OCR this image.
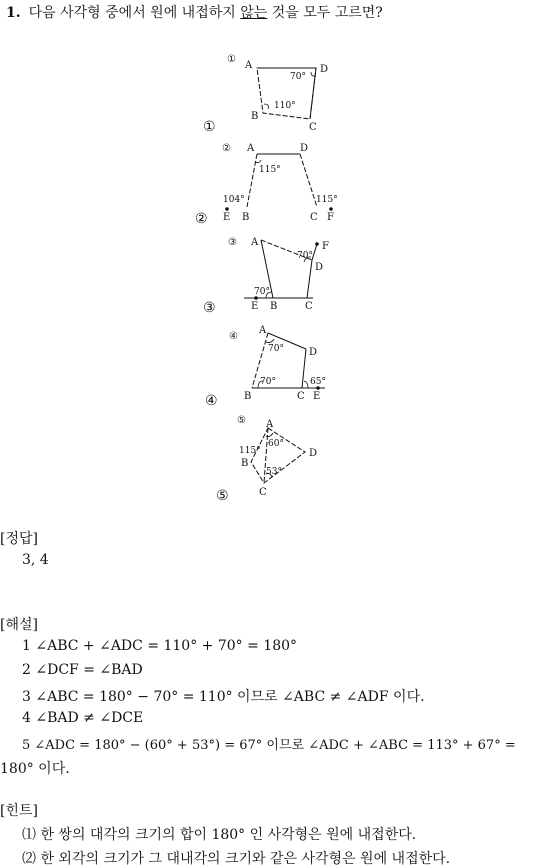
1. 다음 사각형 중에서 원에 내접하지 않는 것을 모두 고르면?
①
A	D
B
C
70°
110°
①
② A	D
115°
104°	115°
E B	C F
②
③ A	F
D
70°
70°
E B	C
③
④
A
D
70°
70°	65°
B	C E
④
⑤ A
115°
60°
B
D
53°
C
⑤
[정답]
3, 4
[해설]
1 ∠ABC + ∠ADC = 110° + 70° = 180°
2 ∠DCF = ∠BAD
3 ∠ABC = 180° − 70° = 110° 이므로 ∠ABC ≠ ∠ADF 이다.
4 ∠BAD ≠ ∠DCE
5 ∠ADC = 180° − (60° + 53°) = 67° 이므로 ∠ADC + ∠ABC = 113° + 67° =
180° 이다.
[힌트]
⑴ 한 쌍의 대각의 크기의 합이 180° 인 사각형은 원에 내접한다.
⑵ 한 외각의 크기가 그 대내각의 크기와 같은 사각형은 원에 내접한다.
